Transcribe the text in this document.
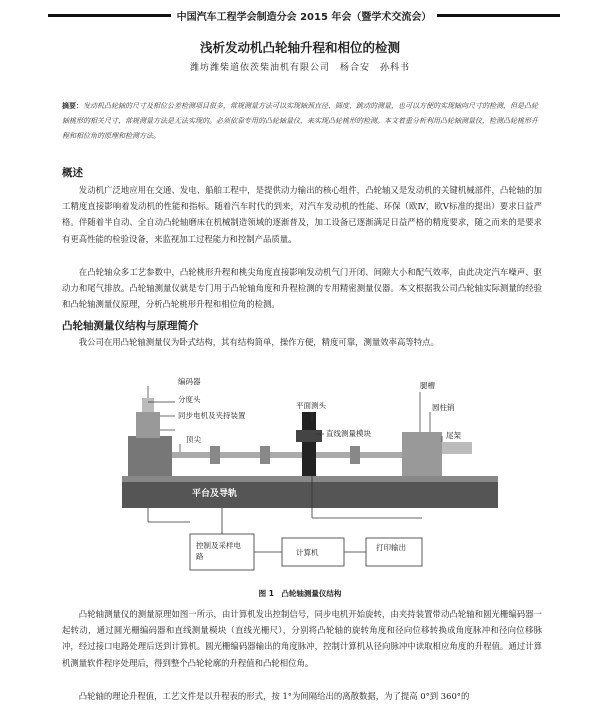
中国汽车工程学会制造分会 2015 年会（暨学术交流会）
浅析发动机凸轮轴升程和相位的检测
潍坊潍柴道依茨柴油机有限公司　杨合安　孙科书
摘要：发动机凸轮轴的尺寸及相位公差检测项目很多，常规测量方法可以实现轴颈直径、圆度、跳动的测量，也可以方便的实现轴向尺寸的检测，但是凸轮轴桃形的相关尺寸，常规测量方法是无法实现的。必须依靠专用的凸轮轴量仪，来实现凸轮桃形的检测。本文着重分析利用凸轮轴测量仪，检测凸轮桃形升程和相位角的原理和检测方法。
概述
发动机广泛地应用在交通、发电、船舶工程中，是提供动力输出的核心组件，凸轮轴又是发动机的关键机械部件，凸轮轴的加工精度直接影响着发动机的性能和指标。随着汽车时代的到来，对汽车发动机的性能、环保（欧Ⅳ，欧Ⅴ标准的提出）要求日益严格。伴随着半自动、全自动凸轮轴磨床在机械制造领域的逐渐普及，加工设备已逐渐满足日益严格的精度要求，随之而来的是要求有更高性能的检验设备，来监视加工过程能力和控制产品质量。
在凸轮轴众多工艺参数中，凸轮桃形升程和桃尖角度直接影响发动机气门开闭、间隙大小和配气效率，由此决定汽车噪声、驱动力和尾气排放。凸轮轴测量仪就是专门用于凸轮轴角度和升程检测的专用精密测量仪器。本文根据我公司凸轮轴实际测量的经验和凸轮轴测量仪原理，分析凸轮桃形升程和相位角的检测。
凸轮轴测量仪结构与原理简介
我公司在用凸轮轴测量仪为卧式结构，其有结构简单，操作方便，精度可靠，测量效率高等特点。
编码器
分度头
同步电机及夹持装置
顶尖
平面测头
直线测量模块
腿槽
圆柱销
尾架
平台及导轨
控制及采样电路	计算机
打印输出
图 1　凸轮轴测量仪结构
凸轮轴测量仪的测量原理如图一所示，由计算机发出控制信号，同步电机开始旋转，由夹持装置带动凸轮轴和圆光栅编码器一起转动，通过圆光栅编码器和直线测量模块（直线光栅尺），分别将凸轮轴的旋转角度和径向位移转换成角度脉冲和径向位移脉冲，经过接口电路处理后送到计算机。圆光栅编码器输出的角度脉冲，控制计算机从径向脉冲中读取相应角度的升程值。通过计算机测量软件程序处理后，得到整个凸轮轮廓的升程值和凸轮相位角。
凸轮轴的理论升程值，工艺文件是以升程表的形式，按 1°为间隔给出的离散数据，为了提高 0°到 360°的
